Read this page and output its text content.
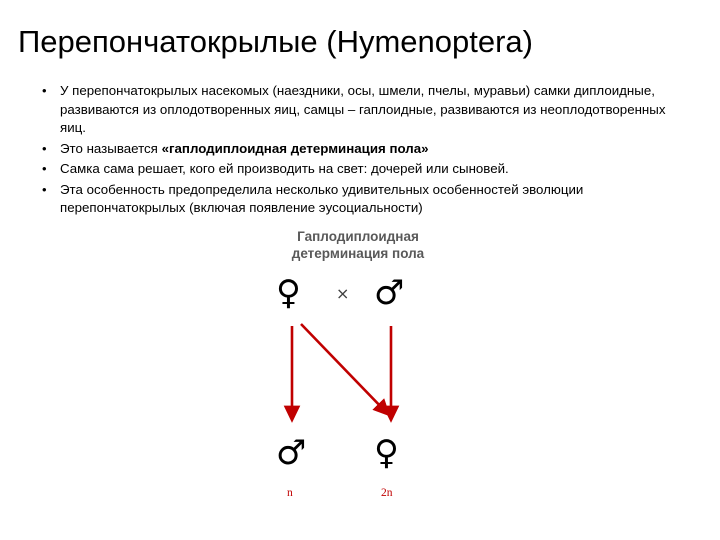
Перепончатокрылые (Hymenoptera)
•	У перепончатокрылых насекомых (наездники, осы, шмели, пчелы, муравьи) самки диплоидные, развиваются из оплодотворенных яиц, самцы – гаплоидные, развиваются из неоплодотворенных яиц.
•	Это называется «гаплодиплоидная детерминация пола»
•	Самка сама решает, кого ей производить на свет: дочерей или сыновей.
•	Эта особенность предопределила несколько удивительных особенностей эволюции перепончатокрылых (включая появление эусоциальности)
Гаплодиплоидная
детерминация пола
♀ × ♂
♂ ♀
n	2n
